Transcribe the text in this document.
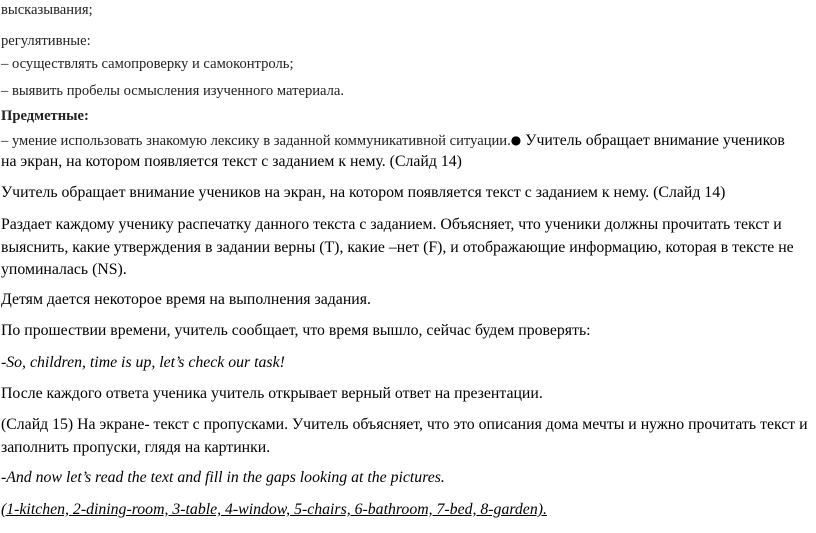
высказывания;
регулятивные:
– осуществлять самопроверку и самоконтроль;
– выявить пробелы осмысления изученного материала.
Предметные:
– умение использовать знакомую лексику в заданной коммуникативной ситуации.● Учитель обращает внимание учеников
на экран, на котором появляется текст с заданием к нему. (Слайд 14)
Учитель обращает внимание учеников на экран, на котором появляется текст с заданием к нему. (Слайд 14)
Раздает каждому ученику распечатку данного текста с заданием. Объясняет, что ученики должны прочитать текст и
выяснить, какие утверждения в задании верны (T), какие –нет (F), и отображающие информацию, которая в тексте не
упоминалась (NS).
Детям дается некоторое время на выполнения задания.
По прошествии времени, учитель сообщает, что время вышло, сейчас будем проверять:
-So, children, time is up, let’s check our task!
После каждого ответа ученика учитель открывает верный ответ на презентации.
(Слайд 15) На экране- текст с пропусками. Учитель объясняет, что это описания дома мечты и нужно прочитать текст и
заполнить пропуски, глядя на картинки.
-And now let’s read the text and fill in the gaps looking at the pictures.
(1-kitchen, 2-dining-room, 3-table, 4-window, 5-chairs, 6-bathroom, 7-bed, 8-garden).
